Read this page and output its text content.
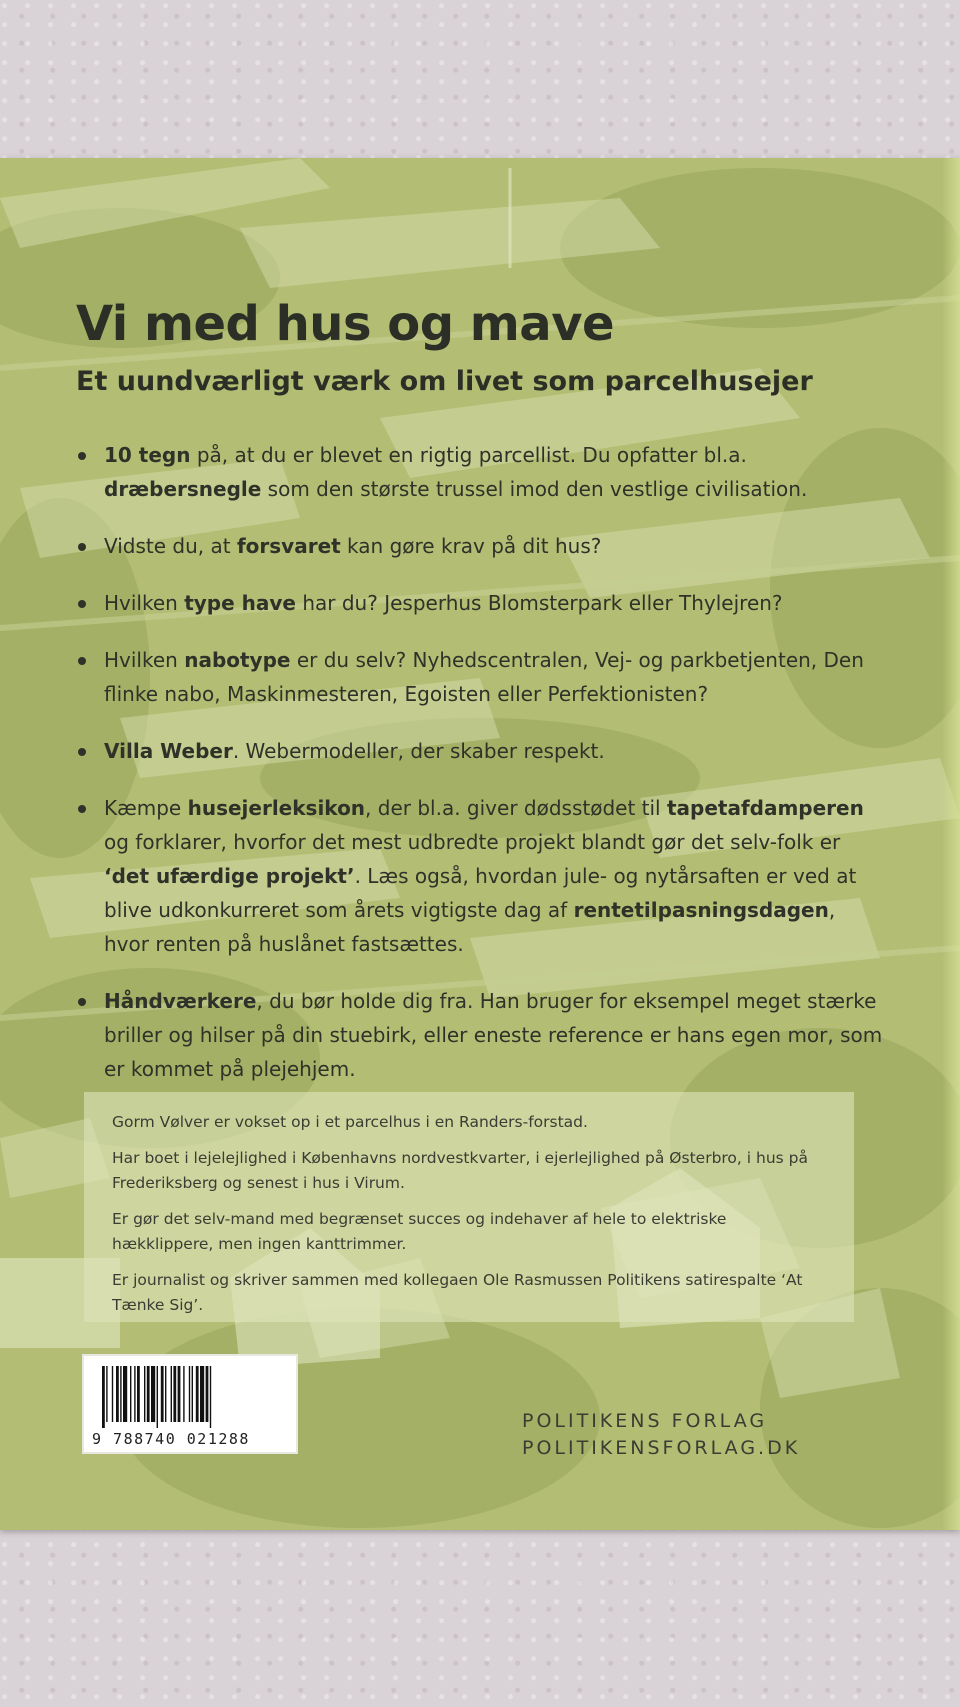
Vi med hus og mave
Et uundværligt værk om livet som parcelhusejer
10 tegn på, at du er blevet en rigtig parcellist. Du opfatter bl.a. dræbersnegle som den største trussel imod den vestlige civilisation.
Vidste du, at forsvaret kan gøre krav på dit hus?
Hvilken type have har du? Jesperhus Blomsterpark eller Thylejren?
Hvilken nabotype er du selv? Nyhedscentralen, Vej- og parkbetjenten, Den flinke nabo, Maskinmesteren, Egoisten eller Perfektionisten?
Villa Weber. Webermodeller, der skaber respekt.
Kæmpe husejerleksikon, der bl.a. giver dødsstødet til tapetafdamperen og forklarer, hvorfor det mest udbredte projekt blandt gør det selv-folk er ‘det ufærdige projekt’. Læs også, hvordan jule- og nytårsaften er ved at blive udkonkurreret som årets vigtigste dag af rentetilpasningsdagen, hvor renten på huslånet fastsættes.
Håndværkere, du bør holde dig fra. Han bruger for eksempel meget stærke briller og hilser på din stuebirk, eller eneste reference er hans egen mor, som er kommet på plejehjem.

Gorm Vølver er vokset op i et parcelhus i en Randers-forstad.

Har boet i lejelejlighed i Københavns nordvestkvarter, i ejerlejlighed på Østerbro, i hus på Frederiksberg og senest i hus i Virum.

Er gør det selv-mand med begrænset succes og indehaver af hele to elektriske hækklippere, men ingen kanttrimmer.

Er journalist og skriver sammen med kollegaen Ole Rasmussen Politikens satirespalte ‘At Tænke Sig’.

9 788740 021288
POLITIKENS FORLAG
POLITIKENSFORLAG.DK
